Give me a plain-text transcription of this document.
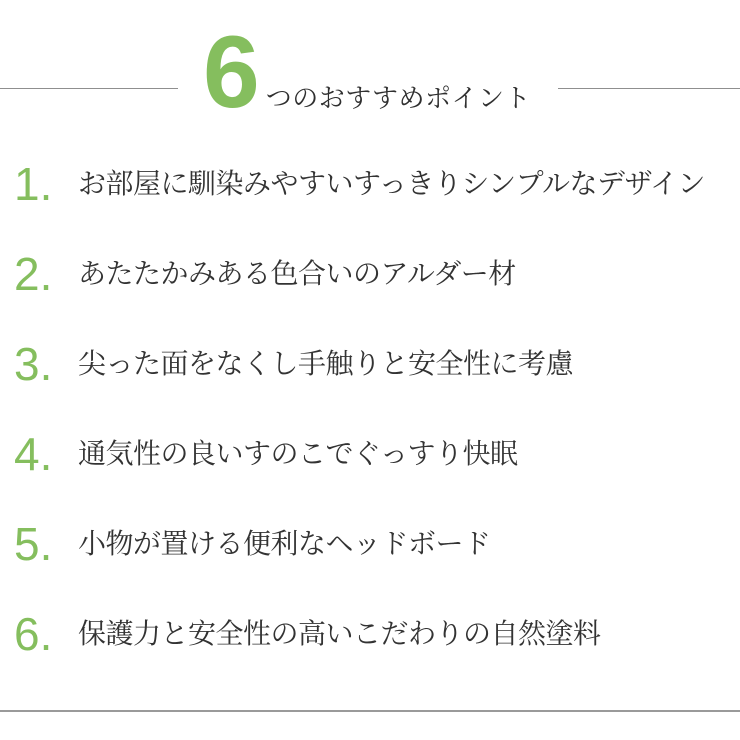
6 つのおすすめポイント
1. お部屋に馴染みやすいすっきりシンプルなデザイン
2. あたたかみある色合いのアルダー材
3. 尖った面をなくし手触りと安全性に考慮
4. 通気性の良いすのこでぐっすり快眠
5. 小物が置ける便利なヘッドボード
6. 保護力と安全性の高いこだわりの自然塗料
